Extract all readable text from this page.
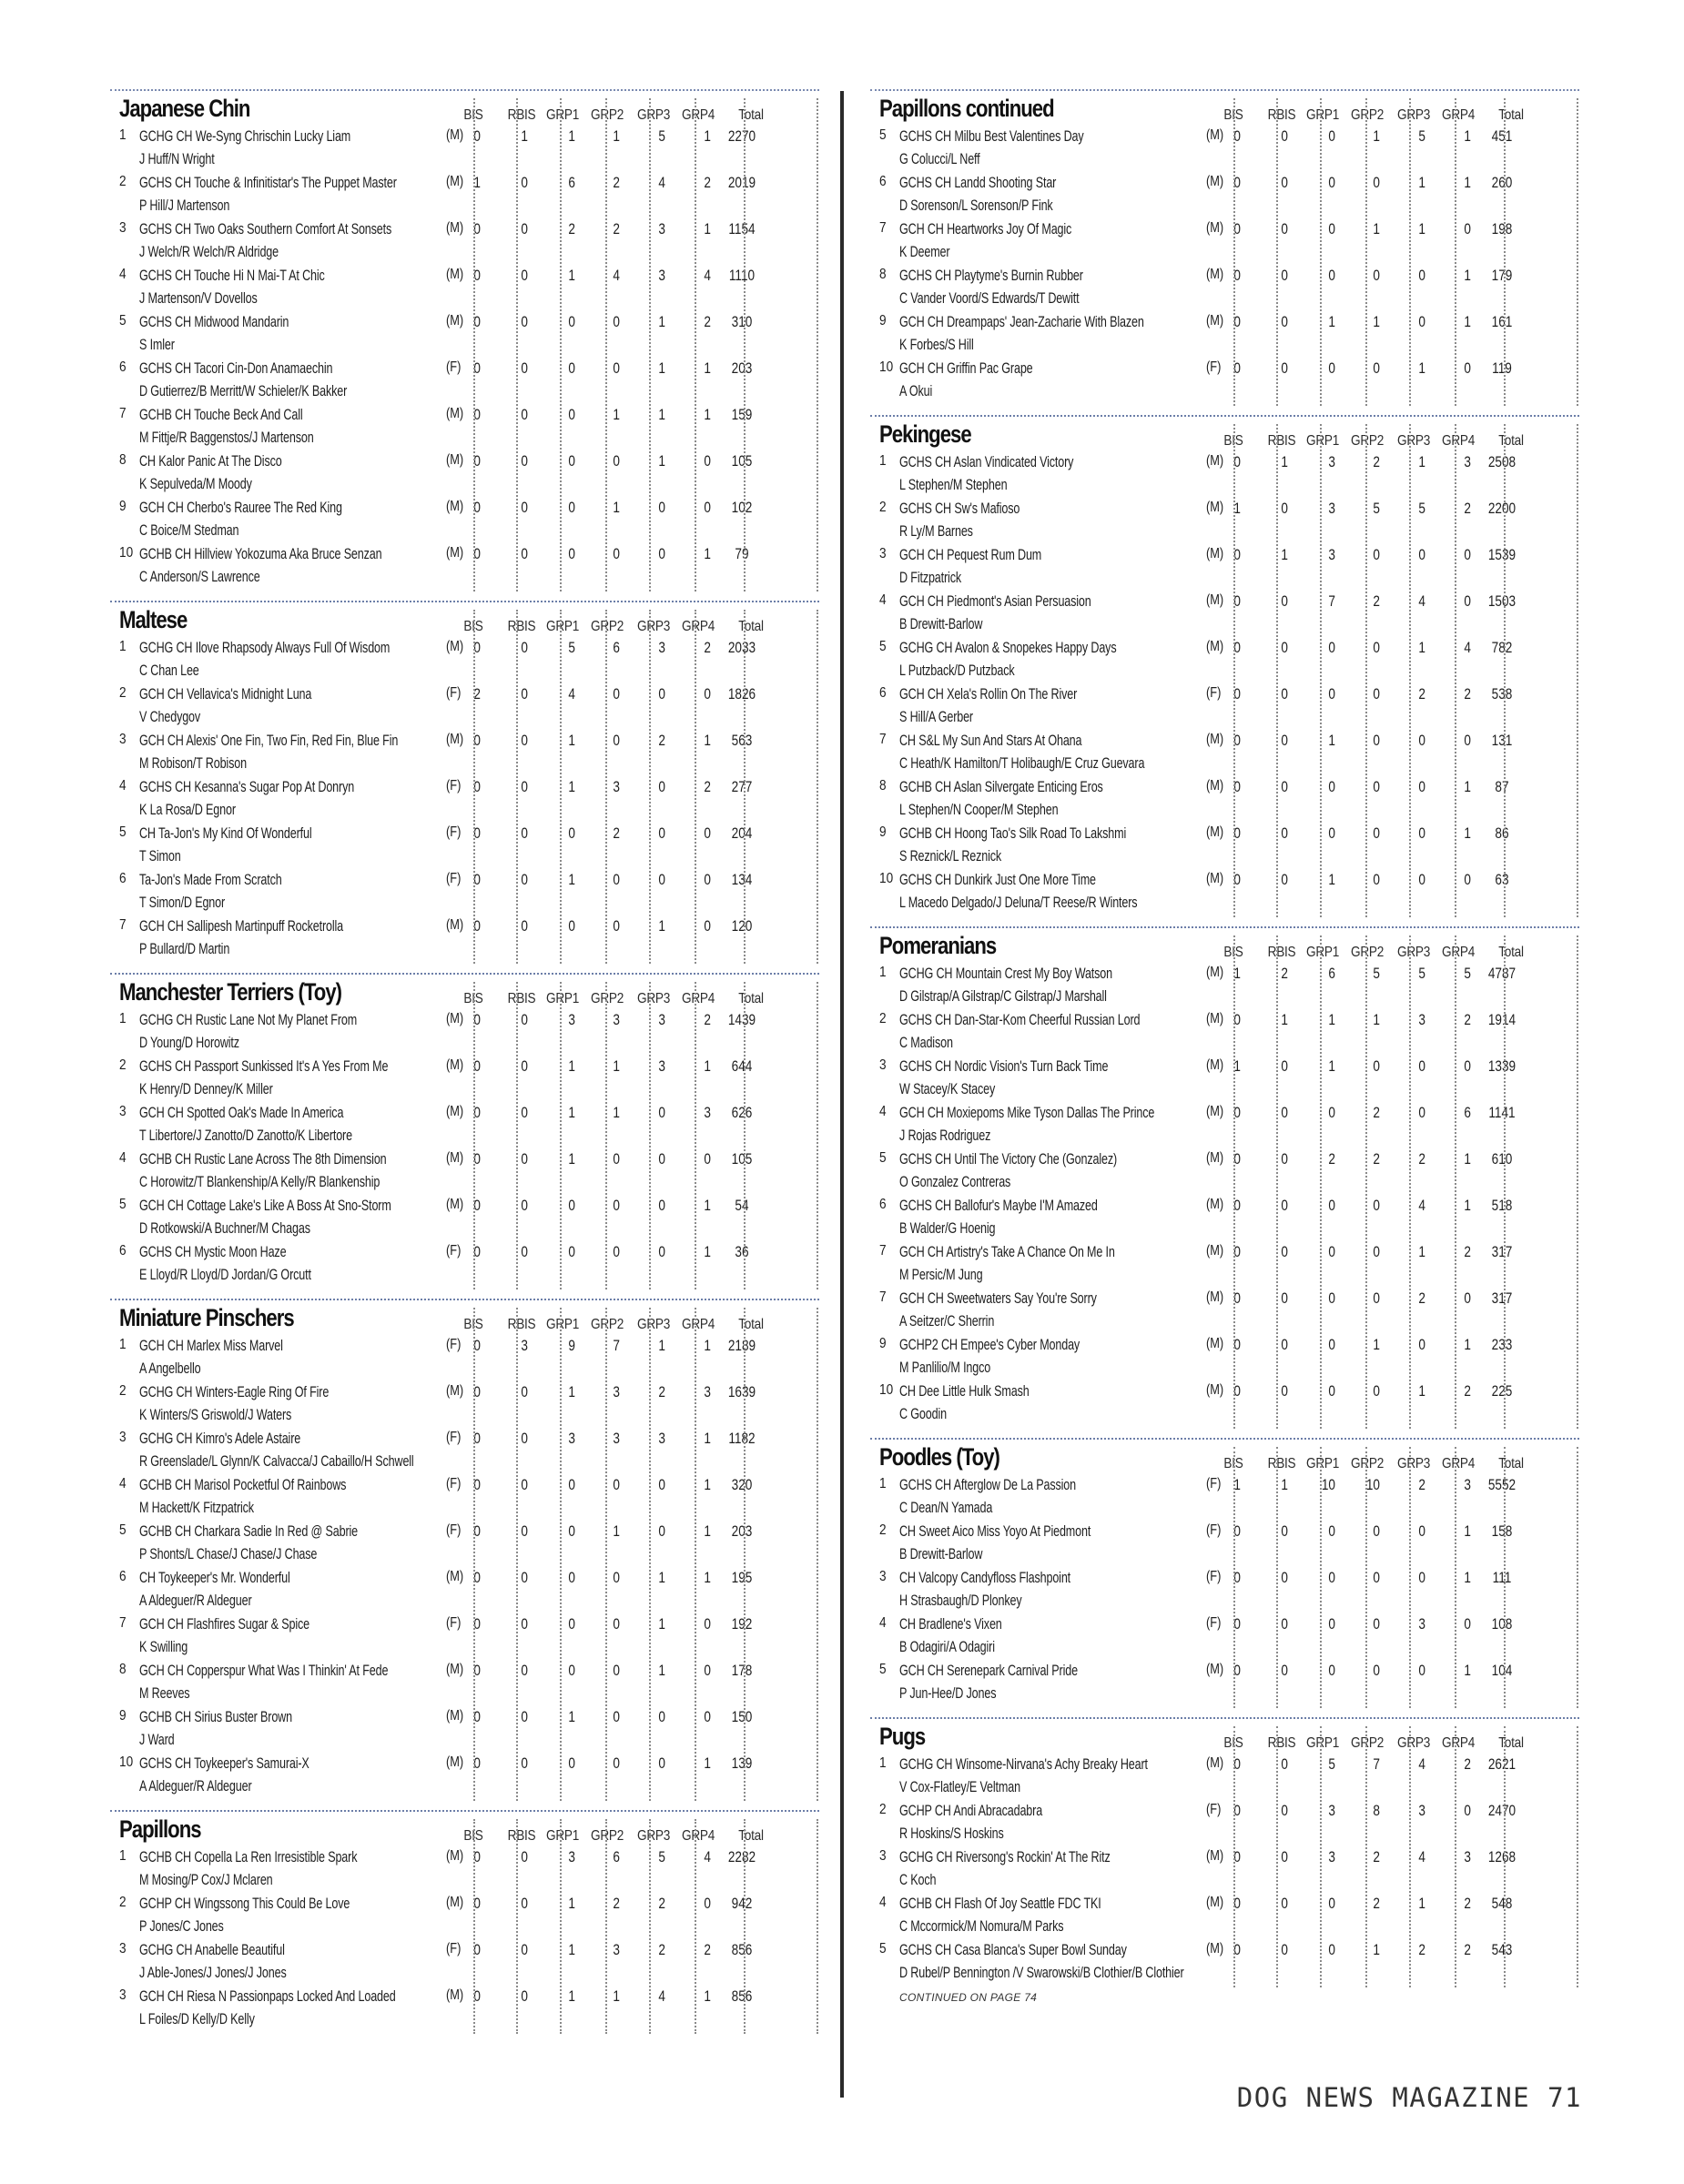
Japanese Chin	BIS	RBIS GRP1 GRP2 GRP3 GRP4	Total
1 GCHG CH We-Syng Chrischin Lucky Liam
J Huff/N Wright
(M) 0	1	1	1	5	1	2270
2 GCHS CH Touche & Infinitistar's The Puppet Master
P Hill/J Martenson
(M) 1	0	6	2	4	2	2019
3 GCHS CH Two Oaks Southern Comfort At Sonsets
J Welch/R Welch/R Aldridge
(M) 0	0	2	2	3	1	1154
4 GCHS CH Touche Hi N Mai-T At Chic
J Martenson/V Dovellos
(M) 0	0	1	4	3	4	1110
5 GCHS CH Midwood Mandarin
S Imler
(M) 0	0	0	0	1	2	310
6 GCHS CH Tacori Cin-Don Anamaechin
D Gutierrez/B Merritt/W Schieler/K Bakker
(F) 0	0	0	0	1	1	203
7 GCHB CH Touche Beck And Call
M Fittje/R Baggenstos/J Martenson
(M) 0	0	0	1	1	1	159
8 CH Kalor Panic At The Disco
K Sepulveda/M Moody
(M) 0	0	0	0	1	0	105
9 GCH CH Cherbo's Rauree The Red King
C Boice/M Stedman
(M) 0	0	0	1	0	0	102
10 GCHB CH Hillview Yokozuma Aka Bruce Senzan
C Anderson/S Lawrence
(M) 0	0	0	0	0	1	79
Maltese	BIS	RBIS GRP1 GRP2 GRP3 GRP4	Total
1 GCHG CH Ilove Rhapsody Always Full Of Wisdom
C Chan Lee
(M) 0	0	5	6	3	2	2033
2 GCH CH Vellavica's Midnight Luna
V Chedygov
(F) 2	0	4	0	0	0	1826
3 GCH CH Alexis' One Fin, Two Fin, Red Fin, Blue Fin
M Robison/T Robison
(M) 0	0	1	0	2	1	563
4 GCHS CH Kesanna's Sugar Pop At Donryn
K La Rosa/D Egnor
(F) 0	0	1	3	0	2	277
5 CH Ta-Jon's My Kind Of Wonderful
T Simon
(F) 0	0	0	2	0	0	204
6 Ta-Jon's Made From Scratch
T Simon/D Egnor
(F) 0	0	1	0	0	0	134
7 GCH CH Sallipesh Martinpuff Rocketrolla
P Bullard/D Martin
(M) 0	0	0	0	1	0	120
Manchester Terriers (Toy)	BIS	RBIS GRP1 GRP2 GRP3 GRP4	Total
1 GCHG CH Rustic Lane Not My Planet From
D Young/D Horowitz
(M) 0	0	3	3	3	2	1439
2 GCHS CH Passport Sunkissed It's A Yes From Me
K Henry/D Denney/K Miller
(M) 0	0	1	1	3	1	644
3 GCH CH Spotted Oak's Made In America
T Libertore/J Zanotto/D Zanotto/K Libertore
(M) 0	0	1	1	0	3	626
4 GCHB CH Rustic Lane Across The 8th Dimension
C Horowitz/T Blankenship/A Kelly/R Blankenship
(M) 0	0	1	0	0	0	105
5 GCH CH Cottage Lake's Like A Boss At Sno-Storm
D Rotkowski/A Buchner/M Chagas
(M) 0	0	0	0	0	1	54
6 GCHS CH Mystic Moon Haze
E Lloyd/R Lloyd/D Jordan/G Orcutt
(F) 0	0	0	0	0	1	36
Miniature Pinschers	BIS	RBIS GRP1 GRP2 GRP3 GRP4	Total
1 GCH CH Marlex Miss Marvel
A Angelbello
(F) 0	3	9	7	1	1	2189
2 GCHG CH Winters-Eagle Ring Of Fire
K Winters/S Griswold/J Waters
(M) 0	0	1	3	2	3	1639
3 GCHG CH Kimro's Adele Astaire
R Greenslade/L Glynn/K Calvacca/J Cabaillo/H Schwell
(F) 0	0	3	3	3	1	1182
4 GCHB CH Marisol Pocketful Of Rainbows
M Hackett/K Fitzpatrick
(F) 0	0	0	0	0	1	320
5 GCHB CH Charkara Sadie In Red @ Sabrie
P Shonts/L Chase/J Chase/J Chase
(F) 0	0	0	1	0	1	203
6 CH Toykeeper's Mr. Wonderful
A Aldeguer/R Aldeguer
(M) 0	0	0	0	1	1	195
7 GCH CH Flashfires Sugar & Spice
K Swilling
(F) 0	0	0	0	1	0	192
8 GCH CH Copperspur What Was I Thinkin' At Fede
M Reeves
(M) 0	0	0	0	1	0	178
9 GCHB CH Sirius Buster Brown
J Ward
(M) 0	0	1	0	0	0	150
10 GCHS CH Toykeeper's Samurai-X
A Aldeguer/R Aldeguer
(M) 0	0	0	0	0	1	139
Papillons	BIS	RBIS GRP1 GRP2 GRP3 GRP4	Total
1 GCHB CH Copella La Ren Irresistible Spark
M Mosing/P Cox/J Mclaren
(M) 0	0	3	6	5	4	2282
2 GCHP CH Wingssong This Could Be Love
P Jones/C Jones
(M) 0	0	1	2	2	0	942
3 GCHG CH Anabelle Beautiful
J Able-Jones/J Jones/J Jones
(F) 0	0	1	3	2	2	856
3 GCH CH Riesa N Passionpaps Locked And Loaded
L Foiles/D Kelly/D Kelly
(M) 0	0	1	1	4	1	856
Papillons continued	BIS	RBIS GRP1 GRP2 GRP3 GRP4	Total
5 GCHS CH Milbu Best Valentines Day
G Colucci/L Neff
(M) 0	0	0	1	5	1	451
6 GCHS CH Landd Shooting Star
D Sorenson/L Sorenson/P Fink
(M) 0	0	0	0	1	1	260
7 GCH CH Heartworks Joy Of Magic
K Deemer
(M) 0	0	0	1	1	0	198
8 GCHS CH Playtyme's Burnin Rubber
C Vander Voord/S Edwards/T Dewitt
(M) 0	0	0	0	0	1	179
9 GCH CH Dreampaps' Jean-Zacharie With Blazen
K Forbes/S Hill
(M) 0	0	1	1	0	1	161
10 GCH CH Griffin Pac Grape
A Okui
(F) 0	0	0	0	1	0	119
Pekingese	BIS	RBIS GRP1 GRP2 GRP3 GRP4	Total
1 GCHS CH Aslan Vindicated Victory
L Stephen/M Stephen
(M) 0	1	3	2	1	3	2508
2 GCHS CH Sw's Mafioso
R Ly/M Barnes
(M) 1	0	3	5	5	2	2200
3 GCH CH Pequest Rum Dum
D Fitzpatrick
(M) 0	1	3	0	0	0	1539
4 GCH CH Piedmont's Asian Persuasion
B Drewitt-Barlow
(M) 0	0	7	2	4	0	1503
5 GCHG CH Avalon & Snopekes Happy Days
L Putzback/D Putzback
(M) 0	0	0	0	1	4	782
6 GCH CH Xela's Rollin On The River
S Hill/A Gerber
(F) 0	0	0	0	2	2	538
7 CH S&L My Sun And Stars At Ohana
C Heath/K Hamilton/T Holibaugh/E Cruz Guevara
(M) 0	0	1	0	0	0	131
8 GCHB CH Aslan Silvergate Enticing Eros
L Stephen/N Cooper/M Stephen
(M) 0	0	0	0	0	1	87
9 GCHB CH Hoong Tao's Silk Road To Lakshmi
S Reznick/L Reznick
(M) 0	0	0	0	0	1	86
10 GCHS CH Dunkirk Just One More Time
L Macedo Delgado/J Deluna/T Reese/R Winters
(M) 0	0	1	0	0	0	63
Pomeranians	BIS	RBIS GRP1 GRP2 GRP3 GRP4	Total
1 GCHG CH Mountain Crest My Boy Watson
D Gilstrap/A Gilstrap/C Gilstrap/J Marshall
(M) 1	2	6	5	5	5	4787
2 GCHS CH Dan-Star-Kom Cheerful Russian Lord
C Madison
(M) 0	1	1	1	3	2	1914
3 GCHS CH Nordic Vision's Turn Back Time
W Stacey/K Stacey
(M) 1	0	1	0	0	0	1339
4 GCH CH Moxiepoms Mike Tyson Dallas The Prince
J Rojas Rodriguez
(M) 0	0	0	2	0	6	1141
5 GCHS CH Until The Victory Che (Gonzalez)
O Gonzalez Contreras
(M) 0	0	2	2	2	1	610
6 GCHS CH Ballofur's Maybe I'M Amazed
B Walder/G Hoenig
(M) 0	0	0	0	4	1	518
7 GCH CH Artistry's Take A Chance On Me In
M Persic/M Jung
(M) 0	0	0	0	1	2	317
7 GCH CH Sweetwaters Say You're Sorry
A Seitzer/C Sherrin
(M) 0	0	0	0	2	0	317
9 GCHP2 CH Empee's Cyber Monday
M Panlilio/M Ingco
(M) 0	0	0	1	0	1	233
10 CH Dee Little Hulk Smash
C Goodin
(M) 0	0	0	0	1	2	225
Poodles (Toy)	BIS	RBIS GRP1 GRP2 GRP3 GRP4	Total
1 GCHS CH Afterglow De La Passion
C Dean/N Yamada
(F) 1	1	10	10	2	3	5552
2 CH Sweet Aico Miss Yoyo At Piedmont
B Drewitt-Barlow
(F) 0	0	0	0	0	1	158
3 CH Valcopy Candyfloss Flashpoint
H Strasbaugh/D Plonkey
(F) 0	0	0	0	0	1	111
4 CH Bradlene's Vixen
B Odagiri/A Odagiri
(F) 0	0	0	0	3	0	108
5 GCH CH Serenepark Carnival Pride
P Jun-Hee/D Jones
(M) 0	0	0	0	0	1	104
Pugs	BIS	RBIS GRP1 GRP2 GRP3 GRP4	Total
1 GCHG CH Winsome-Nirvana's Achy Breaky Heart
V Cox-Flatley/E Veltman
(M) 0	0	5	7	4	2	2621
2 GCHP CH Andi Abracadabra
R Hoskins/S Hoskins
(F) 0	0	3	8	3	0	2470
3 GCHG CH Riversong's Rockin' At The Ritz
C Koch
(M) 0	0	3	2	4	3	1268
4 GCHB CH Flash Of Joy Seattle FDC TKI
C Mccormick/M Nomura/M Parks
(M) 0	0	0	2	1	2	548
5 GCHS CH Casa Blanca's Super Bowl Sunday
D Rubel/P Bennington /V Swarowski/B Clothier/B Clothier
(M) 0	0	0	1	2	2	543
CONTINUED ON PAGE 74
DOG NEWS MAGAZINE 71
